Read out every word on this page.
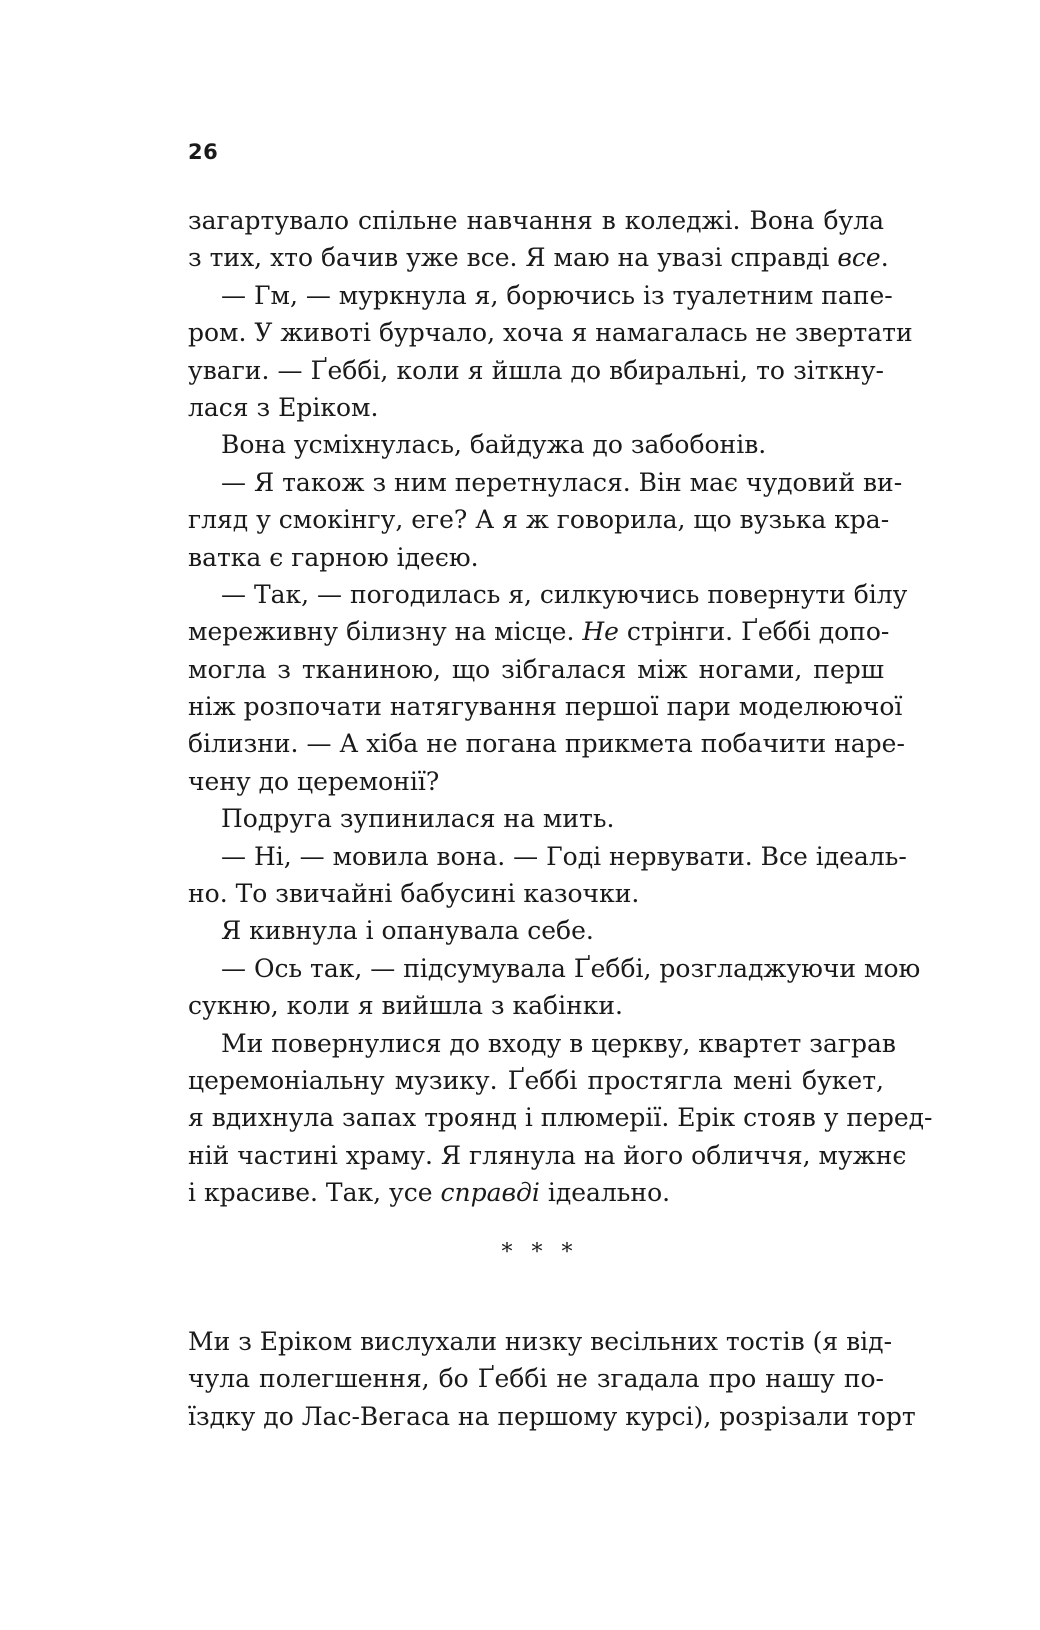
26
загартувало спільне навчання в коледжі. Вона була
з тих, хто бачив уже все. Я маю на увазі справді все.
— Гм, — муркнула я, борючись із туалетним папе-
ром. У животі бурчало, хоча я намагалась не звертати
уваги. — Ґеббі, коли я йшла до вбиральні, то зіткну-
лася з Еріком.
Вона усміхнулась, байдужа до забобонів.
— Я також з ним перетнулася. Він має чудовий ви-
гляд у смокінгу, еге? А я ж говорила, що вузька кра-
ватка є гарною ідеєю.
— Так, — погодилась я, силкуючись повернути білу
мереживну білизну на місце. Не стрінги. Ґеббі допо-
могла з тканиною, що зібгалася між ногами, перш
ніж розпочати натягування першої пари моделюючої
білизни. — А хіба не погана прикмета побачити наре-
чену до церемонії?
Подруга зупинилася на мить.
— Ні, — мовила вона. — Годі нервувати. Все ідеаль-
но. То звичайні бабусині казочки.
Я кивнула і опанувала себе.
— Ось так, — підсумувала Ґеббі, розгладжуючи мою
сукню, коли я вийшла з кабінки.
Ми повернулися до входу в церкву, квартет заграв
церемоніальну музику. Ґеббі простягла мені букет,
я вдихнула запах троянд і плюмерії. Ерік стояв у перед-
ній частині храму. Я глянула на його обличчя, мужнє
і красиве. Так, усе справді ідеально.
* * *
Ми з Еріком вислухали низку весільних тостів (я від-
чула полегшення, бо Ґеббі не згадала про нашу по-
їздку до Лас-Вегаса на першому курсі), розрізали торт
